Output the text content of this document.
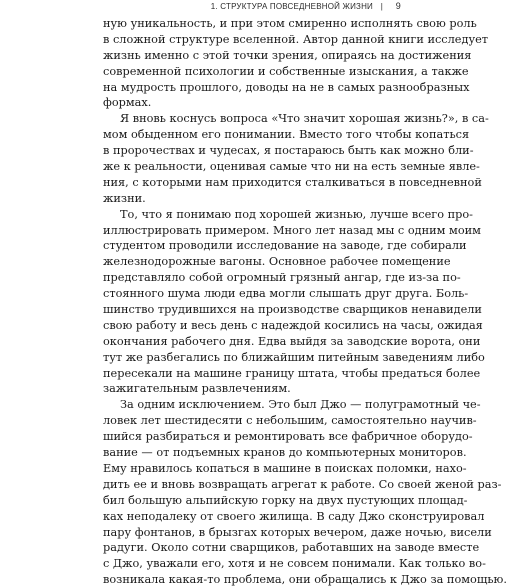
1. СТРУКТУРА ПОВСЕДНЕВНОЙ ЖИЗНИ | 9

ную уникальность, и при этом смиренно исполнять свою роль
в сложной структуре вселенной. Автор данной книги исследует
жизнь именно с этой точки зрения, опираясь на достижения
современной психологии и собственные изыскания, а также
на мудрость прошлого, доводы на не в самых разнообразных
формах.

Я вновь коснусь вопроса «Что значит хорошая жизнь?», в са-
мом обыденном его понимании. Вместо того чтобы копаться
в пророчествах и чудесах, я постараюсь быть как можно бли-
же к реальности, оценивая самые что ни на есть земные явле-
ния, с которыми нам приходится сталкиваться в повседневной
жизни.

То, что я понимаю под хорошей жизнью, лучше всего про-
иллюстрировать примером. Много лет назад мы с одним моим
студентом проводили исследование на заводе, где собирали
железнодорожные вагоны. Основное рабочее помещение
представляло собой огромный грязный ангар, где из-за по-
стоянного шума люди едва могли слышать друг друга. Боль-
шинство трудившихся на производстве сварщиков ненавидели
свою работу и весь день с надеждой косились на часы, ожидая
окончания рабочего дня. Едва выйдя за заводские ворота, они
тут же разбегались по ближайшим питейным заведениям либо
пересекали на машине границу штата, чтобы предаться более
зажигательным развлечениям.

За одним исключением. Это был Джо — полуграмотный че-
ловек лет шестидесяти с небольшим, самостоятельно научив-
шийся разбираться и ремонтировать все фабричное оборудо-
вание — от подъемных кранов до компьютерных мониторов.
Ему нравилось копаться в машине в поисках поломки, нахо-
дить ее и вновь возвращать агрегат к работе. Со своей женой раз-
бил большую альпийскую горку на двух пустующих площад-
ках неподалеку от своего жилища. В саду Джо сконструировал
пару фонтанов, в брызгах которых вечером, даже ночью, висели
радуги. Около сотни сварщиков, работавших на заводе вместе
с Джо, уважали его, хотя и не совсем понимали. Как только во-
возникала какая-то проблема, они обращались к Джо за помощью.
